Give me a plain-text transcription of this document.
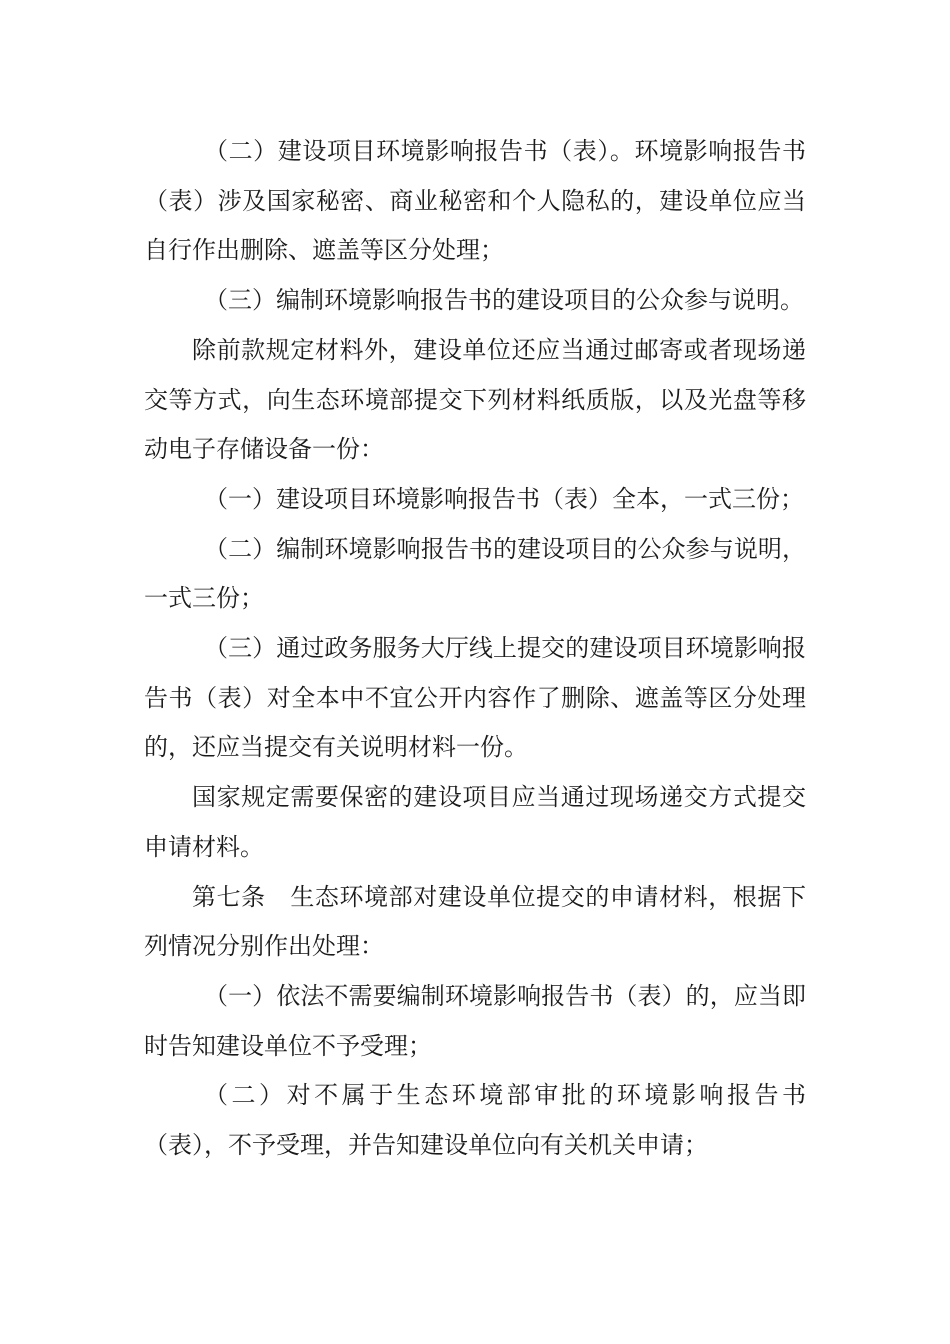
（二）建设项目环境影响报告书（表）。环境影响报告书（表）涉及国家秘密、商业秘密和个人隐私的，建设单位应当自行作出删除、遮盖等区分处理；

（三）编制环境影响报告书的建设项目的公众参与说明。

除前款规定材料外，建设单位还应当通过邮寄或者现场递交等方式，向生态环境部提交下列材料纸质版，以及光盘等移动电子存储设备一份：

（一）建设项目环境影响报告书（表）全本，一式三份；

（二）编制环境影响报告书的建设项目的公众参与说明，一式三份；

（三）通过政务服务大厅线上提交的建设项目环境影响报告书（表）对全本中不宜公开内容作了删除、遮盖等区分处理的，还应当提交有关说明材料一份。

国家规定需要保密的建设项目应当通过现场递交方式提交申请材料。

第七条　生态环境部对建设单位提交的申请材料，根据下列情况分别作出处理：

（一）依法不需要编制环境影响报告书（表）的，应当即时告知建设单位不予受理；

（二）对不属于生态环境部审批的环境影响报告书（表），不予受理，并告知建设单位向有关机关申请；
